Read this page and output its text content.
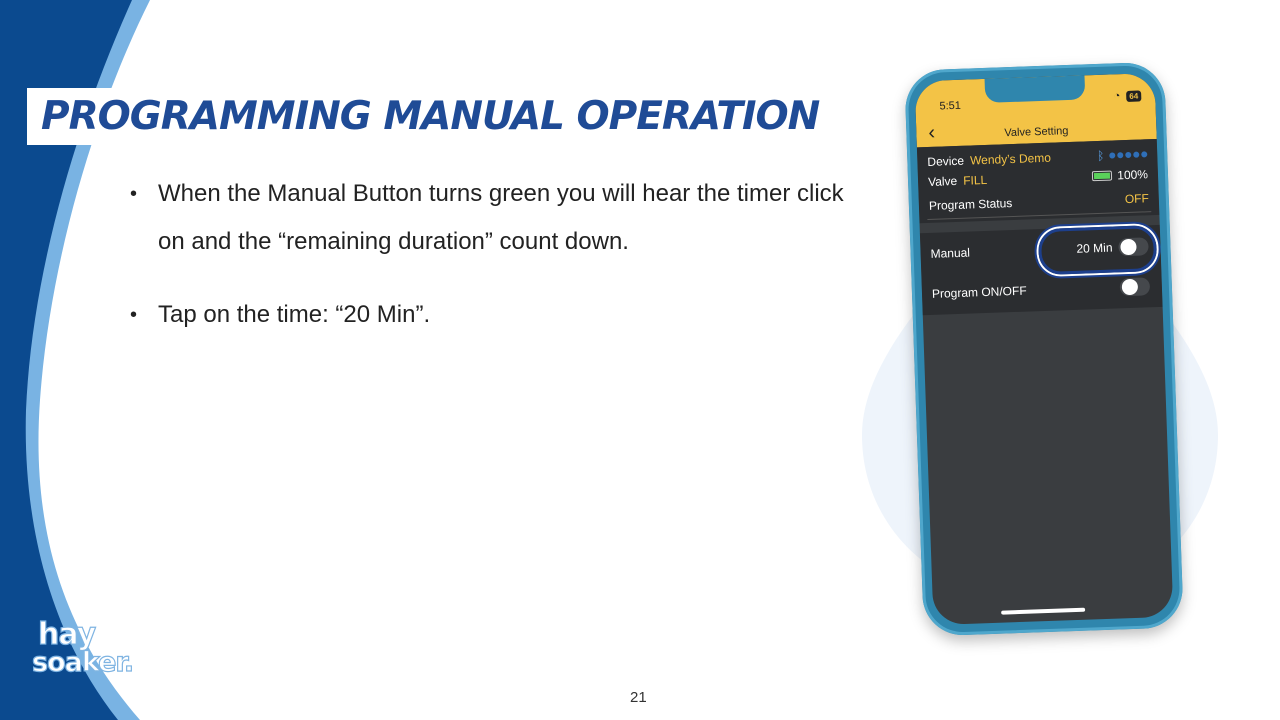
PROGRAMMING MANUAL OPERATION
• When the Manual Button turns green you will hear the timer click on and the “remaining duration” count down.
• Tap on the time: “20 Min”.
hay
soaker.
21
5:51
◔	64
‹	Valve Setting
Device Wendy’s Demo	ᛒ
Valve FILL	100%
Program Status	OFF
Manual	20 Min
Program ON/OFF
